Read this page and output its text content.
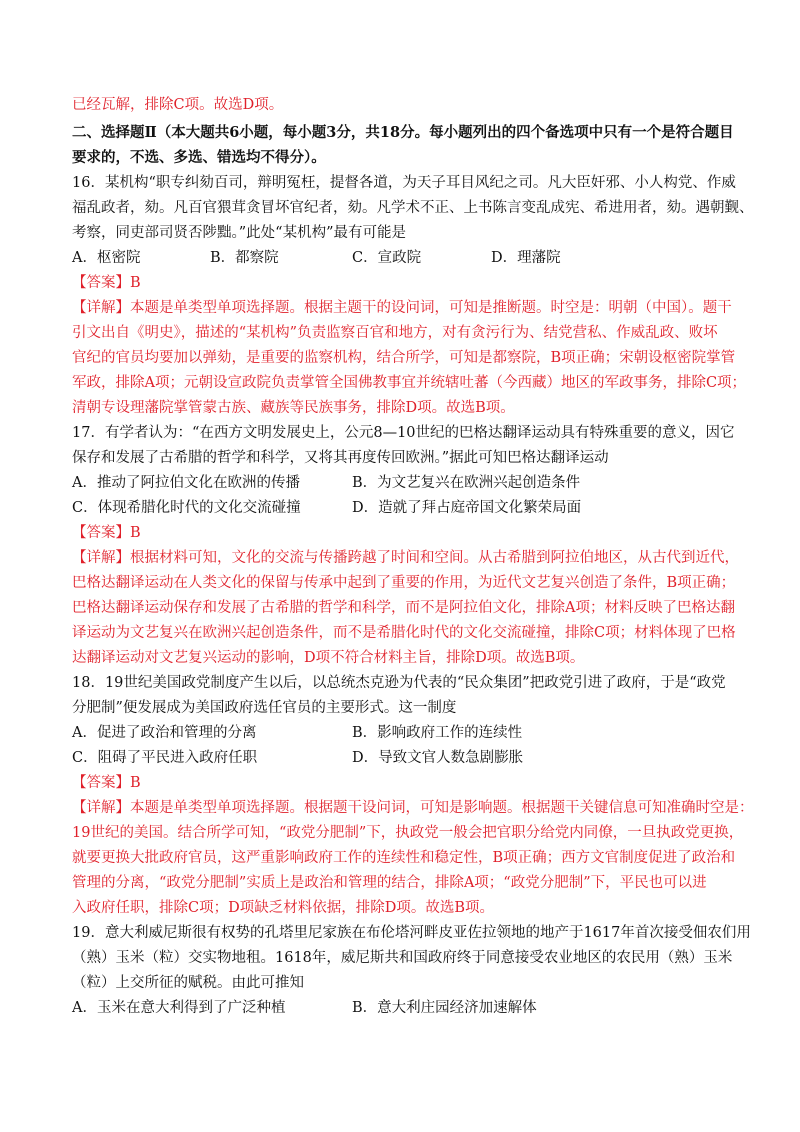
已经瓦解，排除C项。故选D项。
二、选择题Ⅱ（本大题共6小题，每小题3分，共18分。每小题列出的四个备选项中只有一个是符合题目
要求的，不选、多选、错选均不得分）。
16．某机构“职专纠劾百司，辩明冤枉，提督各道，为天子耳目风纪之司。凡大臣奸邪、小人构党、作威
福乱政者，劾。凡百官猥茸贪冒坏官纪者，劾。凡学术不正、上书陈言变乱成宪、希进用者，劾。遇朝觐、
考察，同吏部司贤否陟黜。”此处“某机构”最有可能是
A．枢密院	B．都察院	C．宣政院	D．理藩院
【答案】B
【详解】本题是单类型单项选择题。根据主题干的设问词，可知是推断题。时空是：明朝（中国）。题干
引文出自《明史》，描述的“某机构”负责监察百官和地方，对有贪污行为、结党营私、作威乱政、败坏
官纪的官员均要加以弹劾，是重要的监察机构，结合所学，可知是都察院，B项正确；宋朝设枢密院掌管
军政，排除A项；元朝设宣政院负责掌管全国佛教事宜并统辖吐蕃（今西藏）地区的军政事务，排除C项；
清朝专设理藩院掌管蒙古族、藏族等民族事务，排除D项。故选B项。
17．有学者认为：“在西方文明发展史上，公元8—10世纪的巴格达翻译运动具有特殊重要的意义，因它
保存和发展了古希腊的哲学和科学，又将其再度传回欧洲。”据此可知巴格达翻译运动
A．推动了阿拉伯文化在欧洲的传播	B．为文艺复兴在欧洲兴起创造条件
C．体现希腊化时代的文化交流碰撞	D．造就了拜占庭帝国文化繁荣局面
【答案】B
【详解】根据材料可知，文化的交流与传播跨越了时间和空间。从古希腊到阿拉伯地区，从古代到近代，
巴格达翻译运动在人类文化的保留与传承中起到了重要的作用，为近代文艺复兴创造了条件，B项正确；
巴格达翻译运动保存和发展了古希腊的哲学和科学，而不是阿拉伯文化，排除A项；材料反映了巴格达翻
译运动为文艺复兴在欧洲兴起创造条件，而不是希腊化时代的文化交流碰撞，排除C项；材料体现了巴格
达翻译运动对文艺复兴运动的影响，D项不符合材料主旨，排除D项。故选B项。
18．19世纪美国政党制度产生以后，以总统杰克逊为代表的“民众集团”把政党引进了政府，于是“政党
分肥制”便发展成为美国政府选任官员的主要形式。这一制度
A．促进了政治和管理的分离	B．影响政府工作的连续性
C．阻碍了平民进入政府任职	D．导致文官人数急剧膨胀
【答案】B
【详解】本题是单类型单项选择题。根据题干设问词，可知是影响题。根据题干关键信息可知准确时空是：
19世纪的美国。结合所学可知，“政党分肥制”下，执政党一般会把官职分给党内同僚，一旦执政党更换，
就要更换大批政府官员，这严重影响政府工作的连续性和稳定性，B项正确；西方文官制度促进了政治和
管理的分离，“政党分肥制”实质上是政治和管理的结合，排除A项；“政党分肥制”下，平民也可以进
入政府任职，排除C项；D项缺乏材料依据，排除D项。故选B项。
19．意大利威尼斯很有权势的孔塔里尼家族在布伦塔河畔皮亚佐拉领地的地产于1617年首次接受佃农们用
（熟）玉米（粒）交实物地租。1618年，威尼斯共和国政府终于同意接受农业地区的农民用（熟）玉米
（粒）上交所征的赋税。由此可推知
A．玉米在意大利得到了广泛种植	B．意大利庄园经济加速解体
